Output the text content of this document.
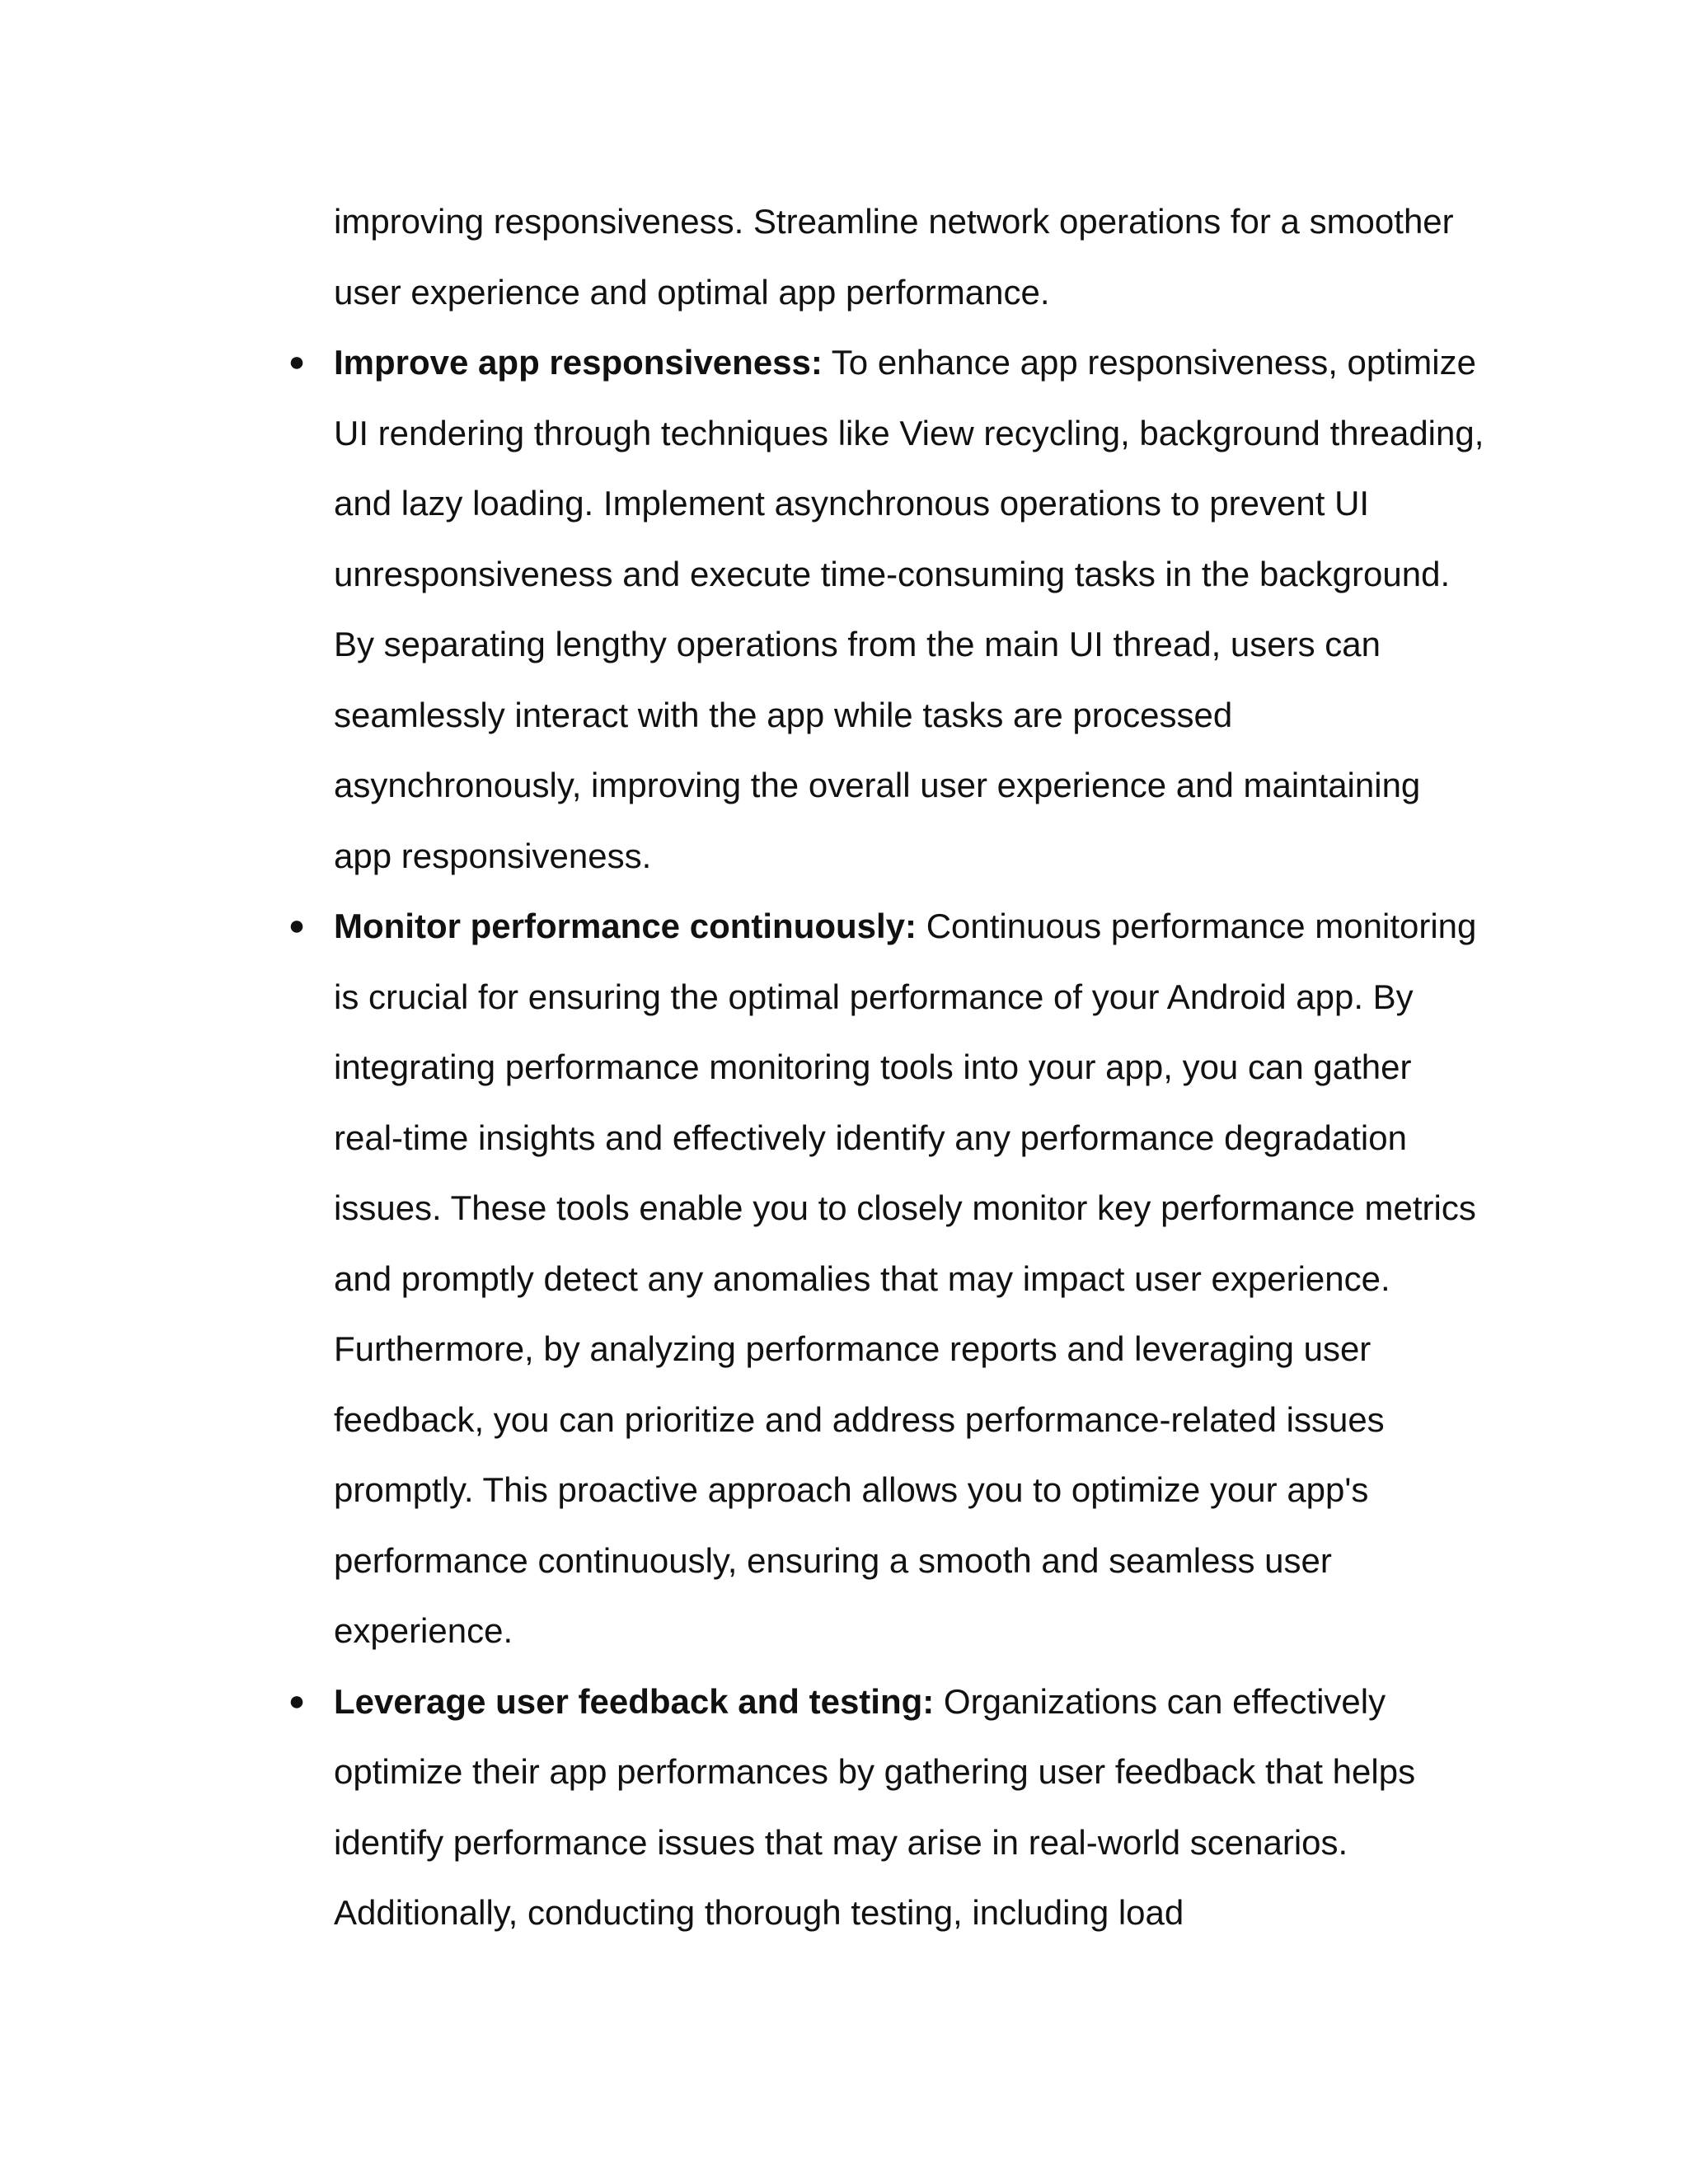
improving responsiveness. Streamline network operations for a smoother user experience and optimal app performance.

● Improve app responsiveness: To enhance app responsiveness, optimize UI rendering through techniques like View recycling, background threading, and lazy loading. Implement asynchronous operations to prevent UI unresponsiveness and execute time-consuming tasks in the background. By separating lengthy operations from the main UI thread, users can seamlessly interact with the app while tasks are processed asynchronously, improving the overall user experience and maintaining app responsiveness.
● Monitor performance continuously: Continuous performance monitoring is crucial for ensuring the optimal performance of your Android app. By integrating performance monitoring tools into your app, you can gather real-time insights and effectively identify any performance degradation issues. These tools enable you to closely monitor key performance metrics and promptly detect any anomalies that may impact user experience. Furthermore, by analyzing performance reports and leveraging user feedback, you can prioritize and address performance-related issues promptly. This proactive approach allows you to optimize your app's performance continuously, ensuring a smooth and seamless user experience.
● Leverage user feedback and testing: Organizations can effectively optimize their app performances by gathering user feedback that helps identify performance issues that may arise in real-world scenarios. Additionally, conducting thorough testing, including load
